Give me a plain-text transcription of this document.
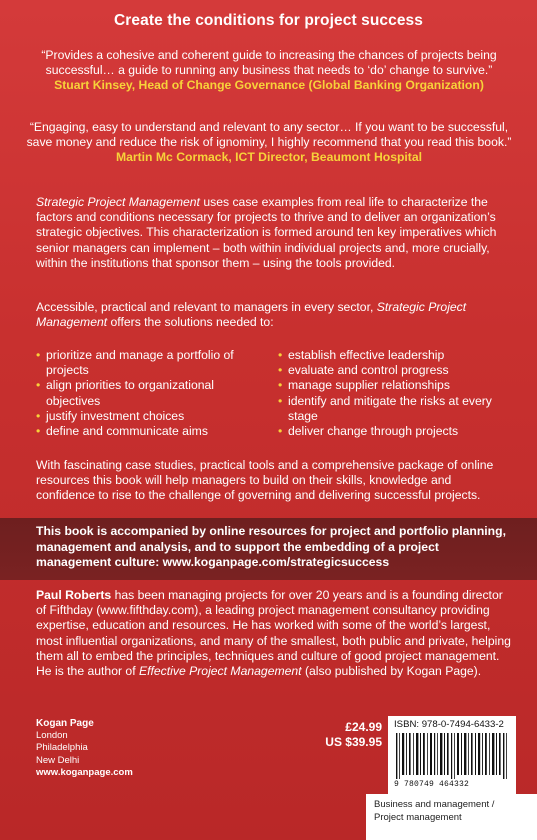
Create the conditions for project success
“Provides a cohesive and coherent guide to increasing the chances of projects being successful… a guide to running any business that needs to ‘do’ change to survive.”
Stuart Kinsey, Head of Change Governance (Global Banking Organization)
“Engaging, easy to understand and relevant to any sector… If you want to be successful, save money and reduce the risk of ignominy, I highly recommend that you read this book.”
Martin Mc Cormack, ICT Director, Beaumont Hospital
Strategic Project Management uses case examples from real life to characterize the factors and conditions necessary for projects to thrive and to deliver an organization’s strategic objectives. This characterization is formed around ten key imperatives which senior managers can implement – both within individual projects and, more crucially, within the institutions that sponsor them – using the tools provided.
Accessible, practical and relevant to managers in every sector, Strategic Project Management offers the solutions needed to:
• prioritize and manage a portfolio of projects
• align priorities to organizational objectives
• justify investment choices
• define and communicate aims
• establish effective leadership
• evaluate and control progress
• manage supplier relationships
• identify and mitigate the risks at every stage
• deliver change through projects
With fascinating case studies, practical tools and a comprehensive package of online resources this book will help managers to build on their skills, knowledge and confidence to rise to the challenge of governing and delivering successful projects.
This book is accompanied by online resources for project and portfolio planning, management and analysis, and to support the embedding of a project management culture: www.koganpage.com/strategicsuccess
Paul Roberts has been managing projects for over 20 years and is a founding director of Fifthday (www.fifthday.com), a leading project management consultancy providing expertise, education and resources. He has worked with some of the world’s largest, most influential organizations, and many of the smallest, both public and private, helping them all to embed the principles, techniques and culture of good project management. He is the author of Effective Project Management (also published by Kogan Page).
Kogan Page
London
Philadelphia
New Delhi
www.koganpage.com
£24.99
US $39.95
ISBN: 978-0-7494-6433-2
9 780749 464332
Business and management /
Project management
